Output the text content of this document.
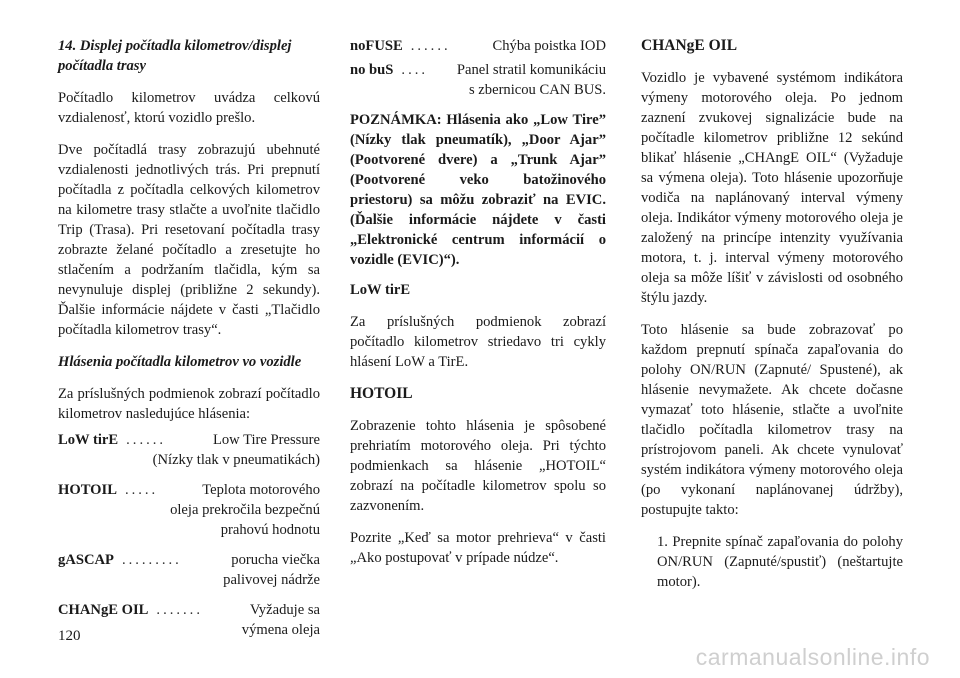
14. Displej počítadla kilometrov/displej počítadla trasy

Počítadlo kilometrov uvádza celkovú vzdialenosť, ktorú vozidlo prešlo.

Dve počítadlá trasy zobrazujú ubehnuté vzdialenosti jednotlivých trás. Pri prepnutí počítadla z počítadla celkových kilometrov na kilometre trasy stlačte a uvoľnite tlačidlo Trip (Trasa). Pri resetovaní počítadla trasy zobrazte želané počítadlo a zresetujte ho stlačením a podržaním tlačidla, kým sa nevynuluje displej (približne 2 sekundy). Ďalšie informácie nájdete v časti „Tlačidlo počítadla kilometrov trasy“.

Hlásenia počítadla kilometrov vo vozidle

Za príslušných podmienok zobrazí počítadlo kilometrov nasledujúce hlásenia:

LoW tirE ......	Low Tire Pressure
(Nízky tlak v pneumatikách)
HOTOIL .....	Teplota motorového
oleja prekročila bezpečnú
prahovú hodnotu
gASCAP .........	porucha viečka
palivovej nádrže
CHANgE OIL .......	Vyžaduje sa
výmena oleja
noFUSE ......	Chýba poistka IOD
no buS ....	Panel stratil komunikáciu
s zbernicou CAN BUS.

POZNÁMKA: Hlásenia ako „Low Tire” (Nízky tlak pneumatík), „Door Ajar” (Pootvorené dvere) a „Trunk Ajar” (Pootvorené veko batožinového priestoru) sa môžu zobraziť na EVIC. (Ďalšie informácie nájdete v časti „Elektronické centrum informácií o vozidle (EVIC)“).

LoW tirE

Za príslušných podmienok zobrazí počítadlo kilometrov striedavo tri cykly hlásení LoW a TirE.

HOTOIL

Zobrazenie tohto hlásenia je spôsobené prehriatím motorového oleja. Pri týchto podmienkach sa hlásenie „HOTOIL“ zobrazí na počítadle kilometrov spolu so zazvonením.

Pozrite „Keď sa motor prehrieva“ v časti „Ako postupovať v prípade núdze“.

CHANgE OIL

Vozidlo je vybavené systémom indikátora výmeny motorového oleja. Po jednom zaznení zvukovej signalizácie bude na počítadle kilometrov približne 12 sekúnd blikať hlásenie „CHAngE OIL“ (Vyžaduje sa výmena oleja). Toto hlásenie upozorňuje vodiča na naplánovaný interval výmeny oleja. Indikátor výmeny motorového oleja je založený na princípe intenzity využívania motora, t. j. interval výmeny motorového oleja sa môže líšiť v závislosti od osobného štýlu jazdy.

Toto hlásenie sa bude zobrazovať po každom prepnutí spínača zapaľovania do polohy ON/RUN (Zapnuté/ Spustené), ak hlásenie nevymažete. Ak chcete dočasne vymazať toto hlásenie, stlačte a uvoľnite tlačidlo počítadla kilometrov trasy na prístrojovom paneli. Ak chcete vynulovať systém indikátora výmeny motorového oleja (po vykonaní naplánovanej údržby), postupujte takto:

1. Prepnite spínač zapaľovania do polohy ON/RUN (Zapnuté/spustiť) (neštartujte motor).

120
carmanualsonline.info
